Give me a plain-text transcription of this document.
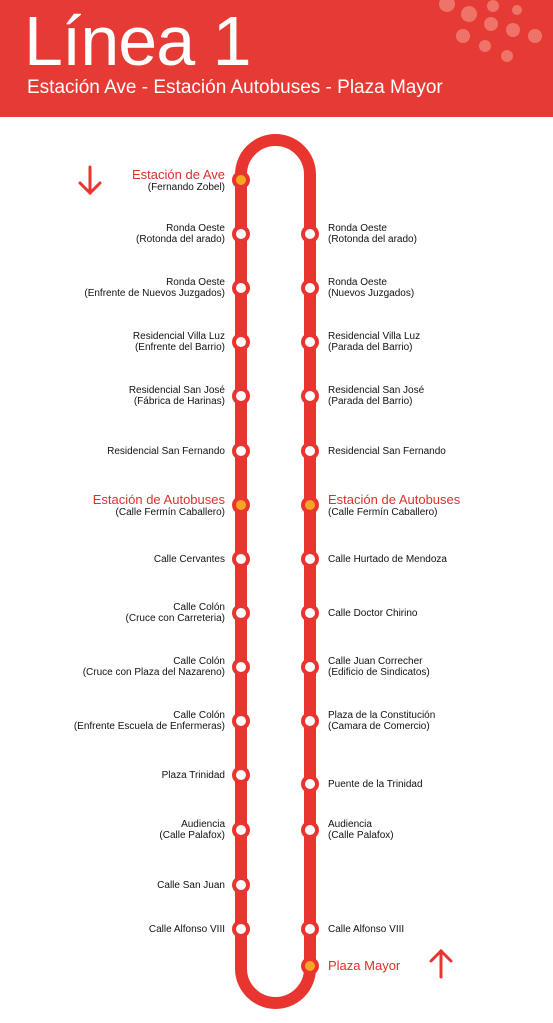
Línea 1
Estación Ave - Estación Autobuses - Plaza Mayor
Estación de Ave
(Fernando Zobel)
Ronda Oeste
(Rotonda del arado)
Ronda Oeste
(Enfrente de Nuevos Juzgados)
Residencial Villa Luz
(Enfrente del Barrio)
Residencial San José
(Fábrica de Harinas)
Residencial San Fernando
Estación de Autobuses
(Calle Fermín Caballero)
Calle Cervantes
Calle Colón
(Cruce con Carreteria)
Calle Colón
(Cruce con Plaza del Nazareno)
Calle Colón
(Enfrente Escuela de Enfermeras)
Plaza Trinidad
Audiencia
(Calle Palafox)
Calle San Juan
Calle Alfonso VIII
Ronda Oeste
(Rotonda del arado)
Ronda Oeste
(Nuevos Juzgados)
Residencial Villa Luz
(Parada del Barrio)
Residencial San José
(Parada del Barrio)
Residencial San Fernando
Estación de Autobuses
(Calle Fermín Caballero)
Calle Hurtado de Mendoza
Calle Doctor Chirino
Calle Juan Correcher
(Edificio de Sindicatos)
Plaza de la Constitución
(Camara de Comercio)
Puente de la Trinidad
Audiencia
(Calle Palafox)
Calle Alfonso VIII
Plaza Mayor
